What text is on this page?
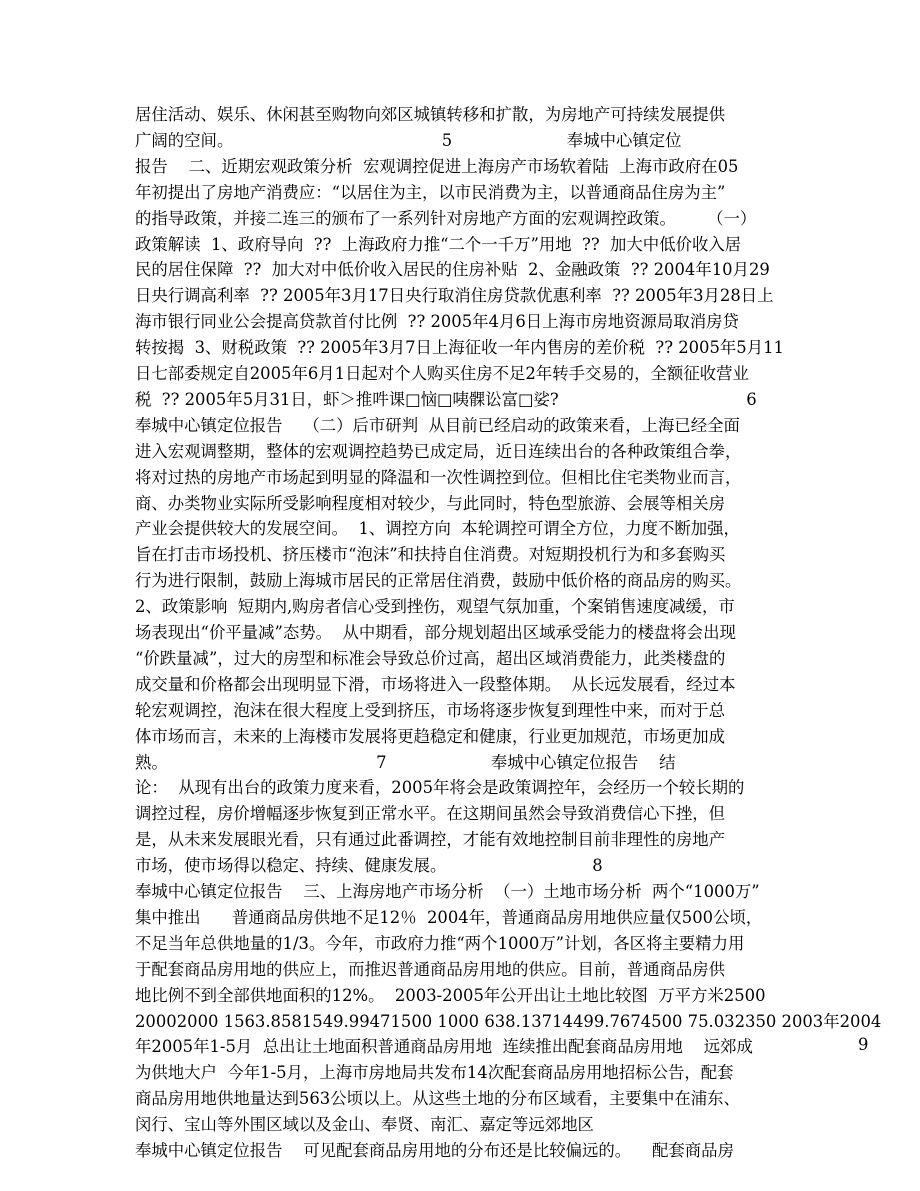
居住活动、娱乐、休闲甚至购物向郊区城镇转移和扩散，为房地产可持续发展提供
广阔的空间。                                        5                      奉城中心镇定位
报告    二、近期宏观政策分析  宏观调控促进上海房产市场软着陆  上海市政府在05
年初提出了房地产消费应：“以居住为主，以市民消费为主，以普通商品住房为主”
的指导政策，并接二连三的颁布了一系列针对房地产方面的宏观调控政策。      （一）
政策解读  1、政府导向  ??  上海政府力推“二个一千万”用地  ??  加大中低价收入居
民的居住保障  ??  加大对中低价收入居民的住房补贴  2、金融政策  ?? 2004年10月29
日央行调高利率  ?? 2005年3月17日央行取消住房贷款优惠利率  ?? 2005年3月28日上
海市银行同业公会提高贷款首付比例  ?? 2005年4月6日上海市房地资源局取消房贷
转按揭  3、财税政策  ?? 2005年3月7日上海征收一年内售房的差价税  ?? 2005年5月11
日七部委规定自2005年6月1日起对个人购买住房不足2年转手交易的，全额征收营业
税  ?? 2005年5月31日，虾＞推吽课□恼□咦髁讼富□娑?                                    6
奉城中心镇定位报告    （二）后市研判  从目前已经启动的政策来看，上海已经全面
进入宏观调整期，整体的宏观调控趋势已成定局，近日连续出台的各种政策组合拳，
将对过热的房地产市场起到明显的降温和一次性调控到位。但相比住宅类物业而言，
商、办类物业实际所受影响程度相对较少，与此同时，特色型旅游、会展等相关房
产业会提供较大的发展空间。  1、调控方向  本轮调控可谓全方位，力度不断加强，
旨在打击市场投机、挤压楼市“泡沫”和扶持自住消费。对短期投机行为和多套购买
行为进行限制，鼓励上海城市居民的正常居住消费，鼓励中低价格的商品房的购买。
2、政策影响  短期内,购房者信心受到挫伤，观望气氛加重，个案销售速度减缓，市
场表现出“价平量减”态势。  从中期看，部分规划超出区域承受能力的楼盘将会出现
“价跌量减”，过大的房型和标准会导致总价过高，超出区域消费能力，此类楼盘的
成交量和价格都会出现明显下滑，市场将进入一段整体期。  从长远发展看，经过本
轮宏观调控，泡沫在很大程度上受到挤压，市场将逐步恢复到理性中来，而对于总
体市场而言，未来的上海楼市发展将更趋稳定和健康，行业更加规范，市场更加成
熟。                                        7                    奉城中心镇定位报告    结
论：  从现有出台的政策力度来看，2005年将会是政策调控年，会经历一个较长期的
调控过程，房价增幅逐步恢复到正常水平。在这期间虽然会导致消费信心下挫，但
是，从未来发展眼光看，只有通过此番调控，才能有效地控制目前非理性的房地产
市场，使市场得以稳定、持续、健康发展。                            8
奉城中心镇定位报告    三、上海房地产市场分析  （一）土地市场分析  两个“1000万”
集中推出      普通商品房供地不足12％  2004年，普通商品房用地供应量仅500公顷，
不足当年总供地量的1/3。今年，市政府力推“两个1000万”计划，各区将主要精力用
于配套商品房用地的供应上，而推迟普通商品房用地的供应。目前，普通商品房供
地比例不到全部供地面积的12%。  2003-2005年公开出让土地比较图  万平方米2500
20002000 1563.8581549.99471500 1000 638.13714499.7674500 75.032350 2003年2004
年2005年1-5月  总出让土地面积普通商品房用地  连续推出配套商品房用地    远郊成
为供地大户  今年1-5月，上海市房地局共发布14次配套商品房用地招标公告，配套
商品房用地供地量达到563公顷以上。从这些土地的分布区域看，主要集中在浦东、
闵行、宝山等外围区域以及金山、奉贤、南汇、嘉定等远郊地区
奉城中心镇定位报告    可见配套商品房用地的分布还是比较偏远的。    配套商品房
9
